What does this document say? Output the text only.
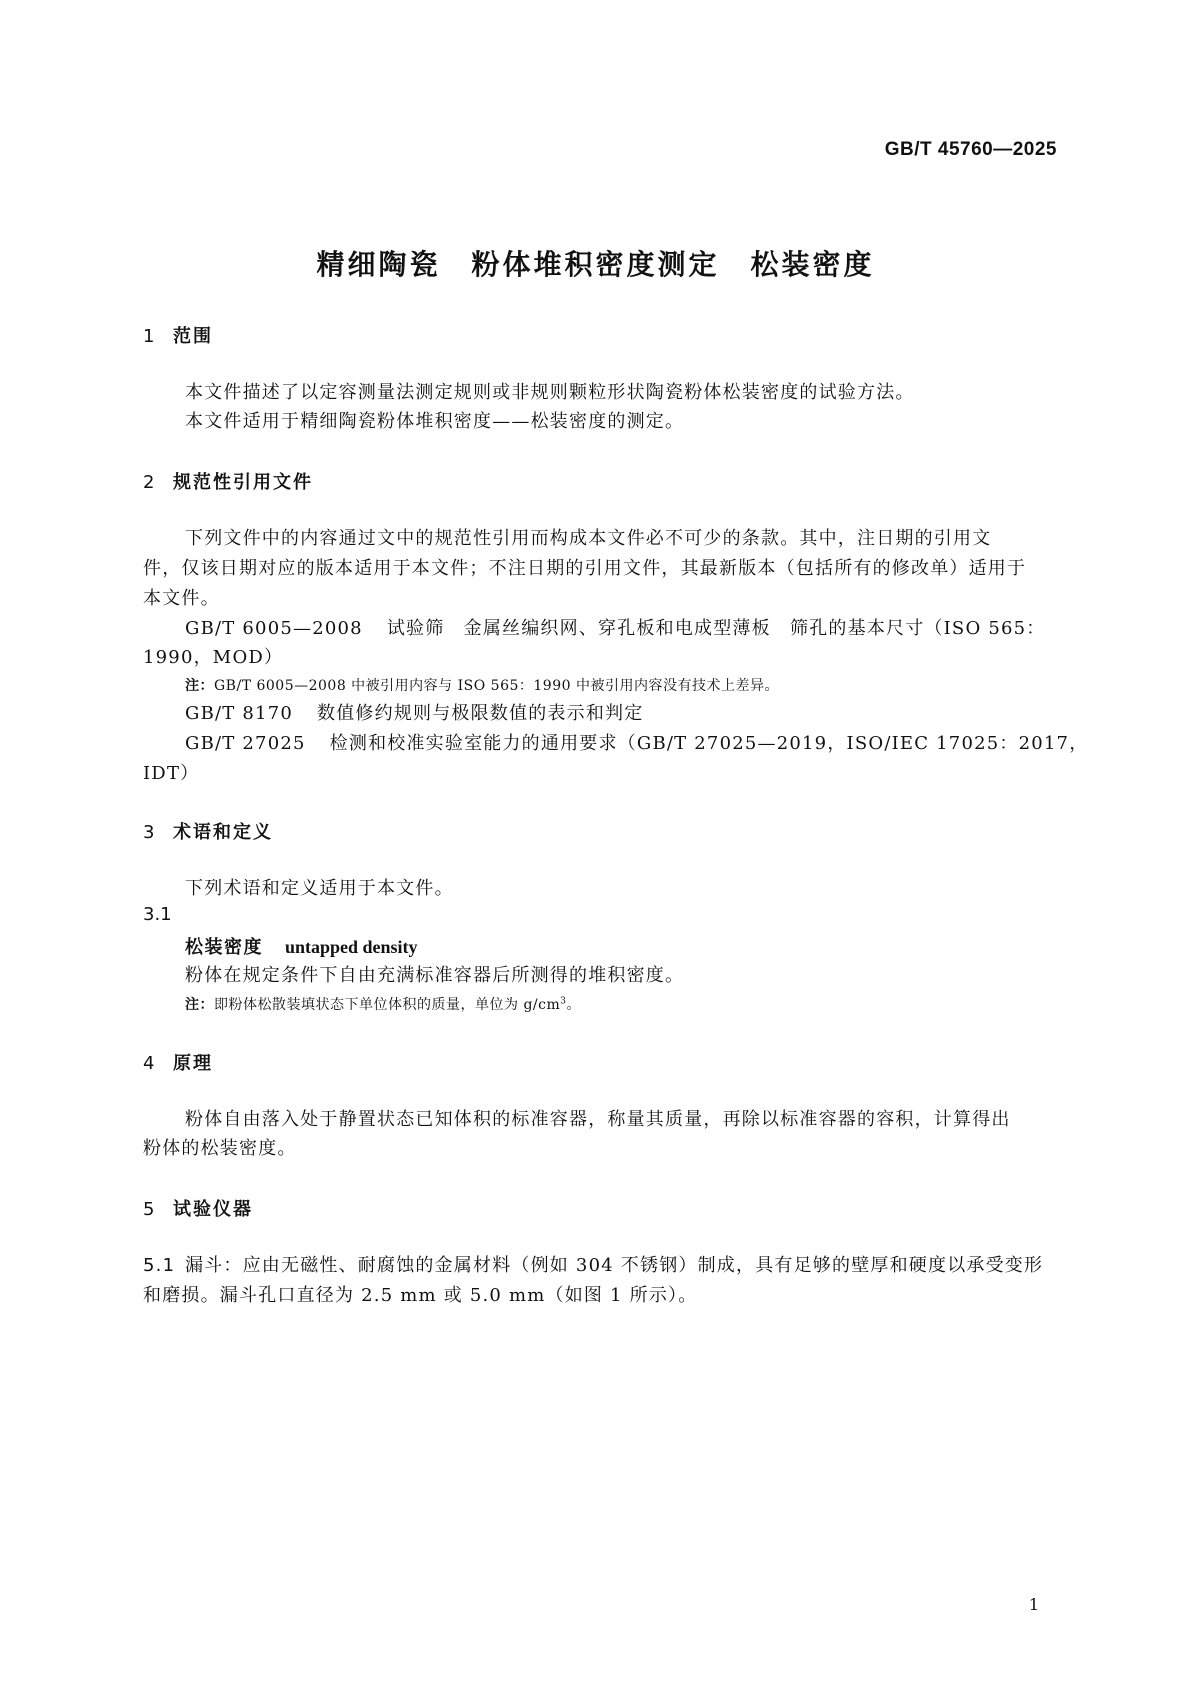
GB/T 45760—2025
精细陶瓷　粉体堆积密度测定　松装密度
1 范围
本文件描述了以定容测量法测定规则或非规则颗粒形状陶瓷粉体松装密度的试验方法。
本文件适用于精细陶瓷粉体堆积密度——松装密度的测定。
2 规范性引用文件
下列文件中的内容通过文中的规范性引用而构成本文件必不可少的条款。其中，注日期的引用文
件，仅该日期对应的版本适用于本文件；不注日期的引用文件，其最新版本（包括所有的修改单）适用于
本文件。
GB/T 6005—2008 试验筛　金属丝编织网、穿孔板和电成型薄板　筛孔的基本尺寸（ISO 565：
1990，MOD）
注：GB/T 6005—2008 中被引用内容与 ISO 565：1990 中被引用内容没有技术上差异。
GB/T 8170 数值修约规则与极限数值的表示和判定
GB/T 27025 检测和校准实验室能力的通用要求（GB/T 27025—2019，ISO/IEC 17025：2017，
IDT）
3 术语和定义
下列术语和定义适用于本文件。
3.1
松装密度 untapped density
粉体在规定条件下自由充满标准容器后所测得的堆积密度。
注：即粉体松散装填状态下单位体积的质量，单位为 $g/cm^3$。
4 原理
粉体自由落入处于静置状态已知体积的标准容器，称量其质量，再除以标准容器的容积，计算得出
粉体的松装密度。
5 试验仪器
5.1 漏斗：应由无磁性、耐腐蚀的金属材料（例如 304 不锈钢）制成，具有足够的壁厚和硬度以承受变形
和磨损。漏斗孔口直径为 2.5 mm 或 5.0 mm（如图 1 所示）。
1
